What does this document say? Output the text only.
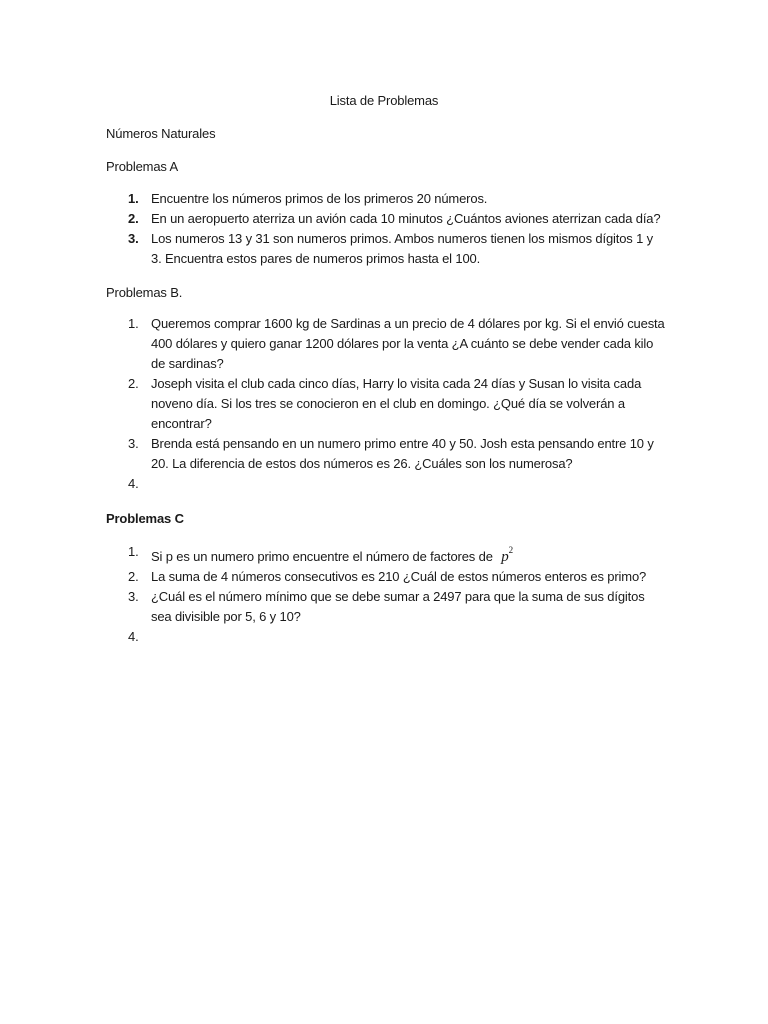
Lista de Problemas
Números Naturales
Problemas A
1. Encuentre los números primos de los primeros 20 números.
2. En un aeropuerto aterriza un avión cada 10 minutos ¿Cuántos aviones aterrizan cada día?
3. Los numeros 13 y 31 son numeros primos. Ambos numeros tienen los mismos dígitos 1 y 3. Encuentra estos pares de numeros primos hasta el 100.
Problemas B.
1. Queremos comprar 1600 kg de Sardinas a un precio de 4 dólares por kg. Si el envió cuesta 400 dólares y quiero ganar 1200 dólares por la venta ¿A cuánto se debe vender cada kilo de sardinas?
2. Joseph visita el club cada cinco días, Harry lo visita cada 24 días y Susan lo visita cada noveno día. Si los tres se conocieron en el club en domingo. ¿Qué día se volverán a encontrar?
3. Brenda está pensando en un numero primo entre 40 y 50. Josh esta pensando entre 10 y 20. La diferencia de estos dos números es 26. ¿Cuáles son los numerosa?
4.
Problemas C
1. Si p es un numero primo encuentre el número de factores de $p^2$
2. La suma de 4 números consecutivos es 210 ¿Cuál de estos números enteros es primo?
3. ¿Cuál es el número mínimo que se debe sumar a 2497 para que la suma de sus dígitos sea divisible por 5, 6 y 10?
4.
